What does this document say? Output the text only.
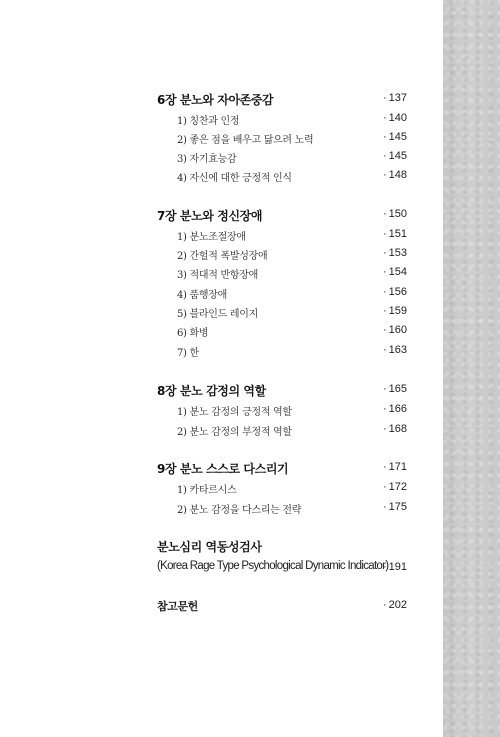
6장 분노와 자아존중감	· 137
1) 칭찬과 인정	· 140
2) 좋은 점을 배우고 닮으려 노력	· 145
3) 자기효능감	· 145
4) 자신에 대한 긍정적 인식	· 148
7장 분노와 정신장애	· 150
1) 분노조절장애	· 151
2) 간헐적 폭발성장애	· 153
3) 적대적 반항장애	· 154
4) 품행장애	· 156
5) 블라인드 레이지	· 159
6) 화병	· 160
7) 한	· 163
8장 분노 감정의 역할	· 165
1) 분노 감정의 긍정적 역할	· 166
2) 분노 감정의 부정적 역할	· 168
9장 분노 스스로 다스리기	· 171
1) 카타르시스	· 172
2) 분노 감정을 다스리는 전략	· 175
분노심리 역동성검사
(Korea Rage Type Psychological Dynamic Indicator) · 191
참고문헌	· 202
